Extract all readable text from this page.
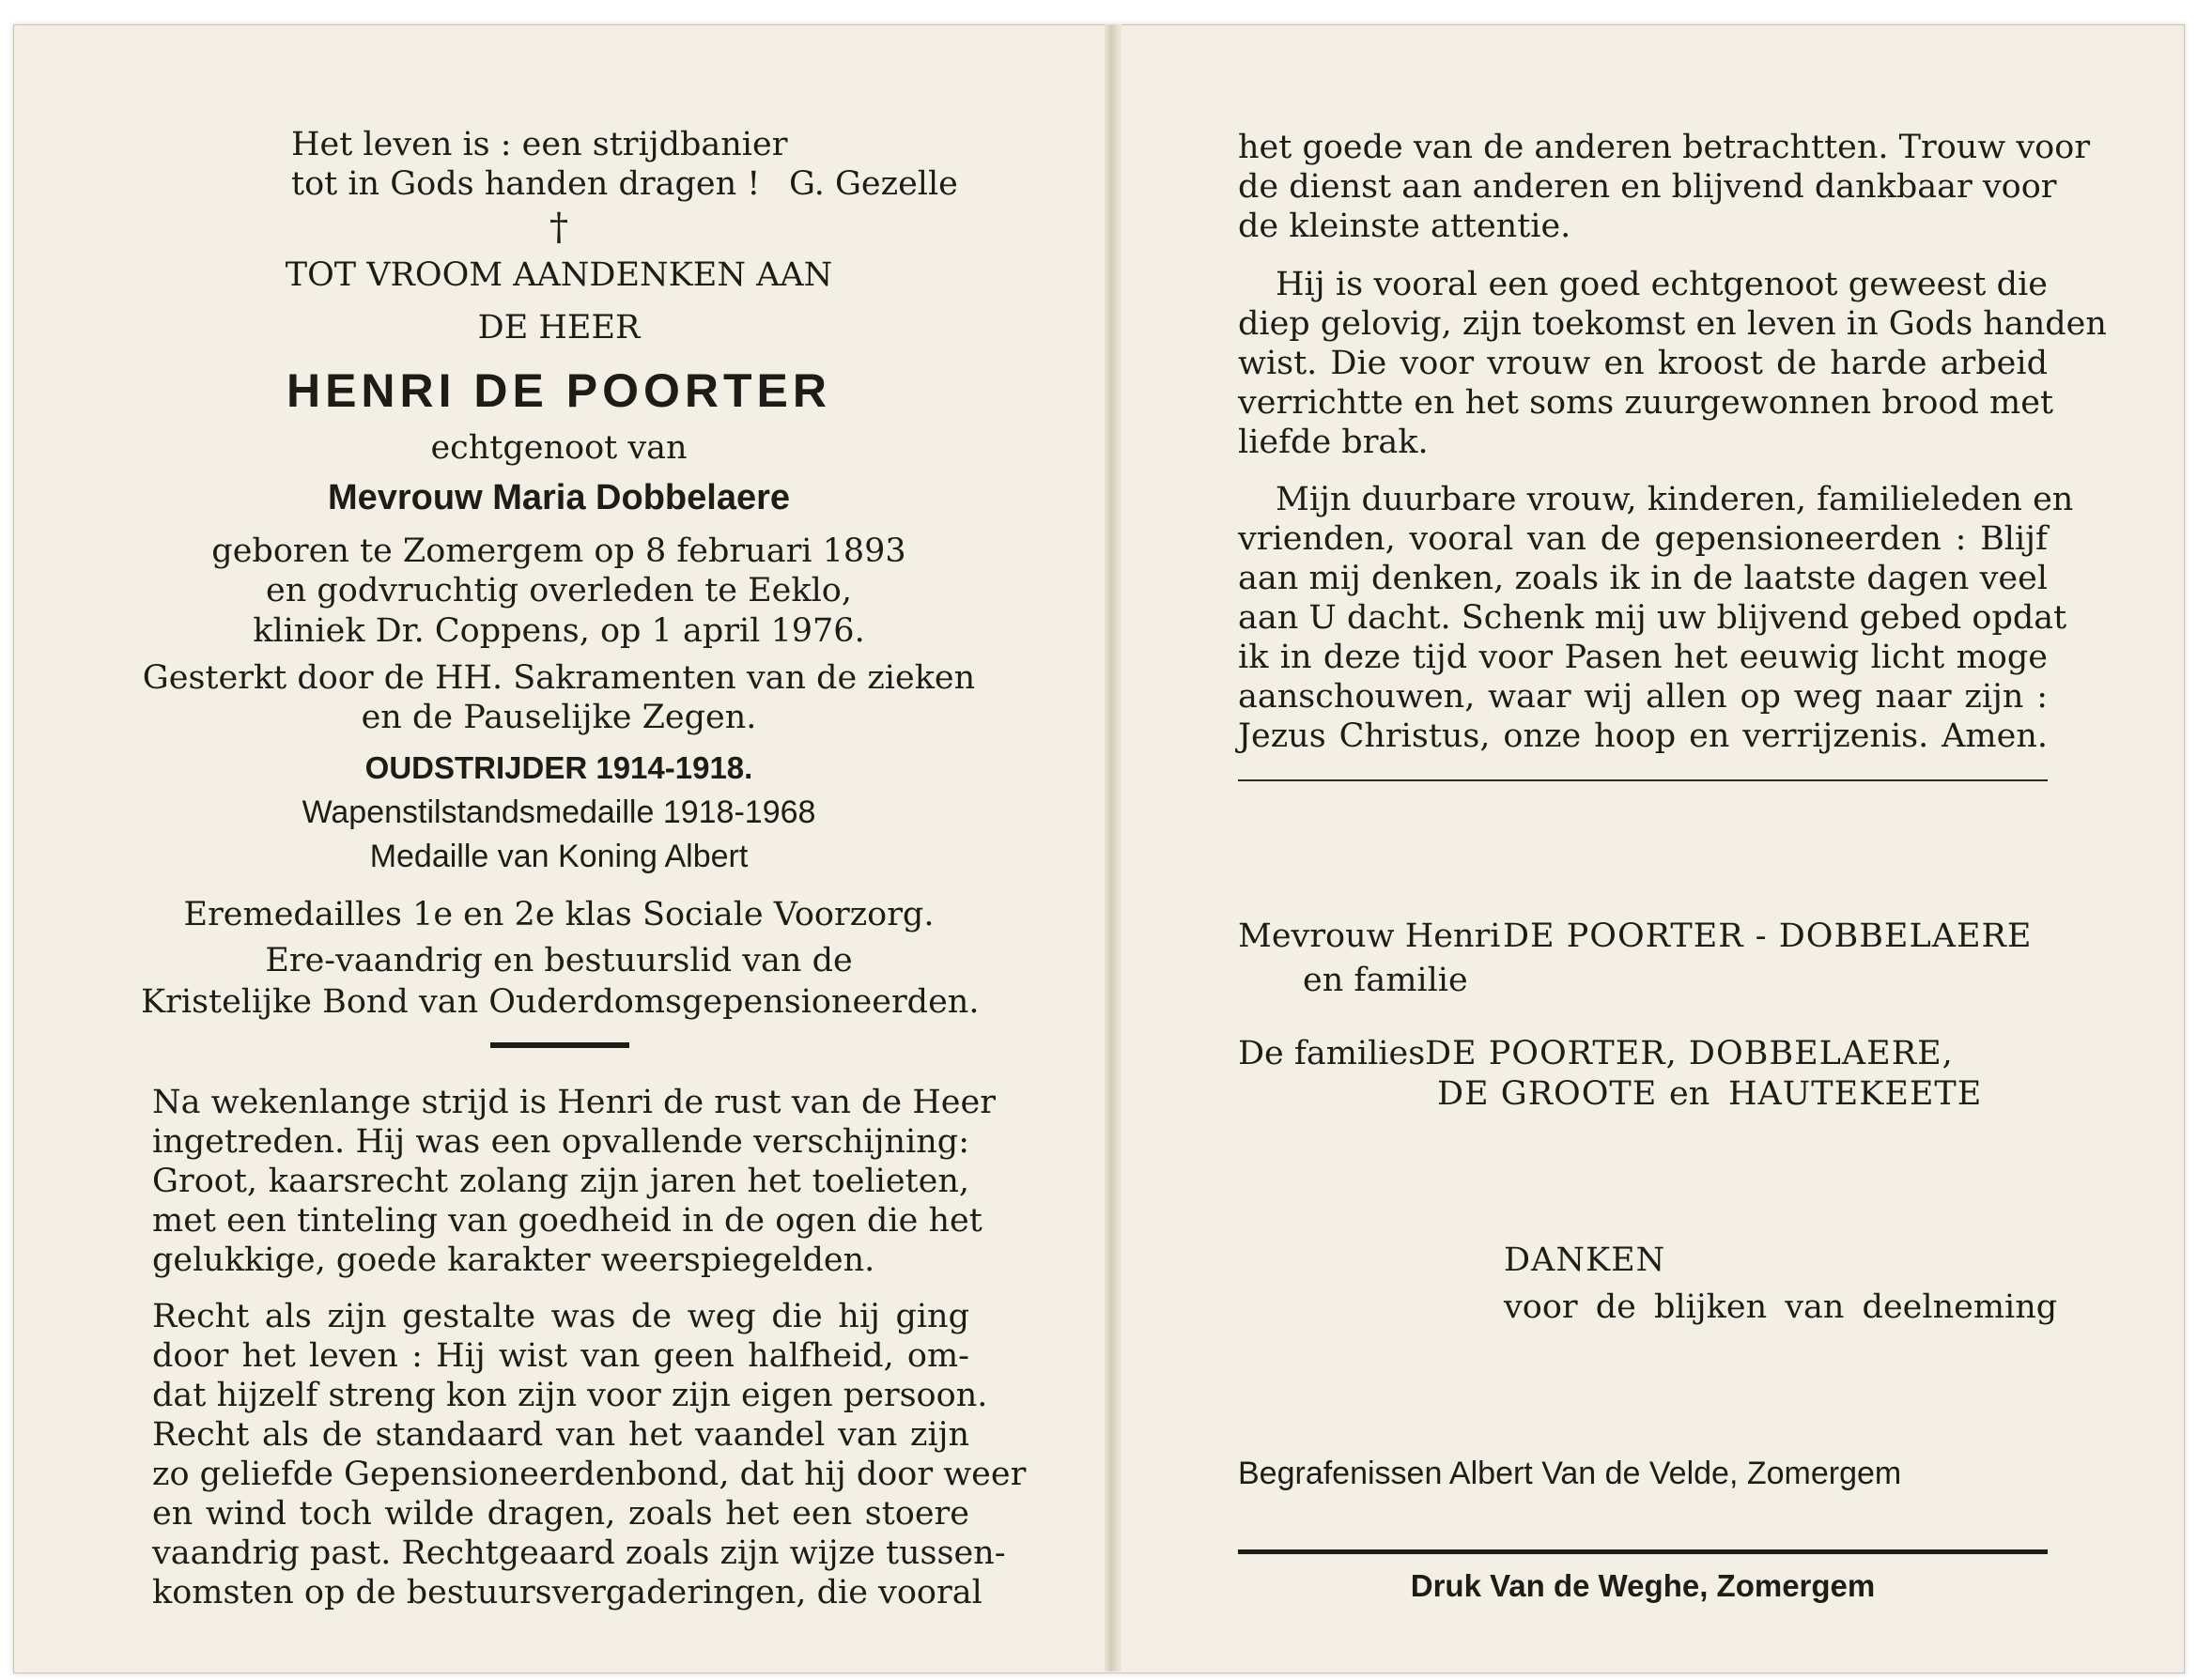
Het leven is : een strijdbanier
tot in Gods handen dragen ! G. Gezelle
†
TOT VROOM AANDENKEN AAN
DE HEER
HENRI DE POORTER
echtgenoot van
Mevrouw Maria Dobbelaere
geboren te Zomergem op 8 februari 1893
en godvruchtig overleden te Eeklo,
kliniek Dr. Coppens, op 1 april 1976.
Gesterkt door de HH. Sakramenten van de zieken
en de Pauselijke Zegen.
OUDSTRIJDER 1914-1918.
Wapenstilstandsmedaille 1918-1968
Medaille van Koning Albert
Eremedailles 1e en 2e klas Sociale Voorzorg.
Ere-vaandrig en bestuurslid van de
Kristelijke Bond van Ouderdomsgepensioneerden.
Na wekenlange strijd is Henri de rust van de Heer
ingetreden. Hij was een opvallende verschijning:
Groot, kaarsrecht zolang zijn jaren het toelieten,
met een tinteling van goedheid in de ogen die het
gelukkige, goede karakter weerspiegelden.
Recht als zijn gestalte was de weg die hij ging
door het leven : Hij wist van geen halfheid, om-
dat hijzelf streng kon zijn voor zijn eigen persoon.
Recht als de standaard van het vaandel van zijn
zo geliefde Gepensioneerdenbond, dat hij door weer
en wind toch wilde dragen, zoals het een stoere
vaandrig past. Rechtgeaard zoals zijn wijze tussen-
komsten op de bestuursvergaderingen, die vooral
het goede van de anderen betrachtten. Trouw voor
de dienst aan anderen en blijvend dankbaar voor
de kleinste attentie.
Hij is vooral een goed echtgenoot geweest die
diep gelovig, zijn toekomst en leven in Gods handen
wist. Die voor vrouw en kroost de harde arbeid
verrichtte en het soms zuurgewonnen brood met
liefde brak.
Mijn duurbare vrouw, kinderen, familieleden en
vrienden, vooral van de gepensioneerden : Blijf
aan mij denken, zoals ik in de laatste dagen veel
aan U dacht. Schenk mij uw blijvend gebed opdat
ik in deze tijd voor Pasen het eeuwig licht moge
aanschouwen, waar wij allen op weg naar zijn :
Jezus Christus, onze hoop en verrijzenis. Amen.
Mevrouw Henri DE POORTER - DOBBELAERE
en familie
De families DE POORTER, DOBBELAERE,
DE GROOTE en HAUTEKEETE
DANKEN
voor de blijken van deelneming
Begrafenissen Albert Van de Velde, Zomergem
Druk Van de Weghe, Zomergem
